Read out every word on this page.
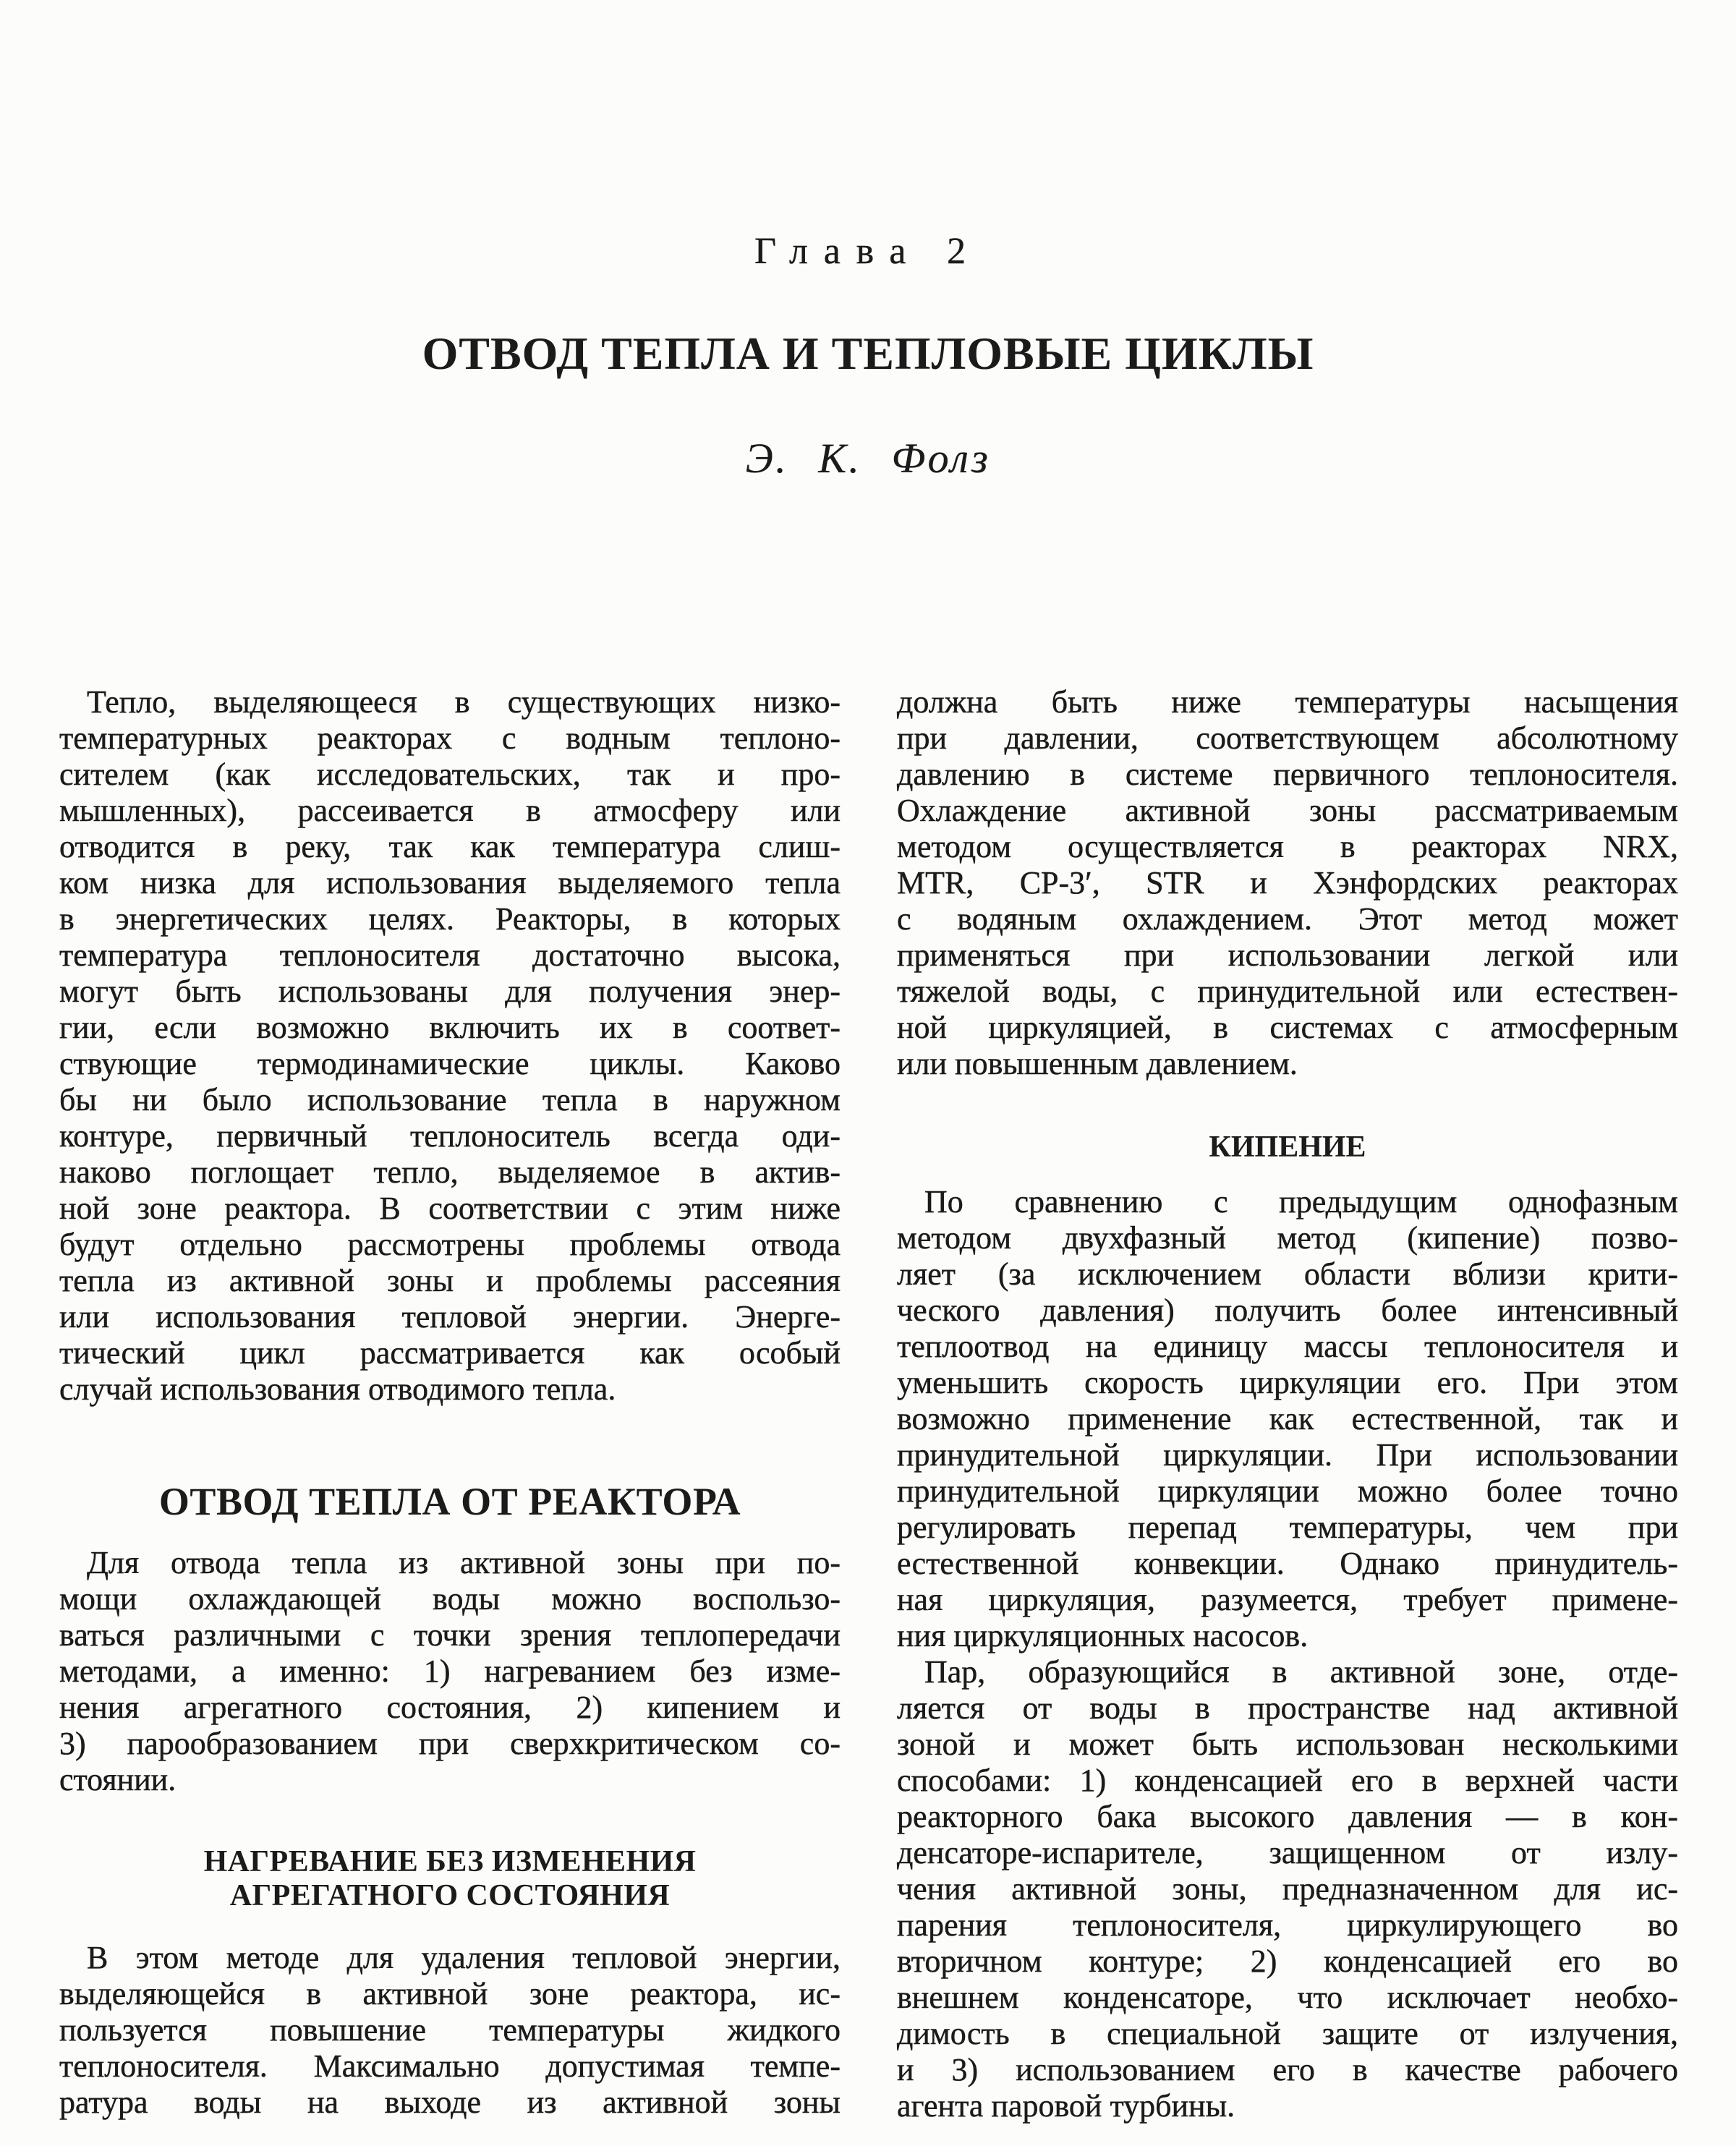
Глава 2
ОТВОД ТЕПЛА И ТЕПЛОВЫЕ ЦИКЛЫ
Э. К. Фолз
Тепло, выделяющееся в существующих низко-
температурных реакторах с водным теплоно-
сителем (как исследовательских, так и про-
мышленных), рассеивается в атмосферу или
отводится в реку, так как температура слиш-
ком низка для использования выделяемого тепла
в энергетических целях. Реакторы, в которых
температура теплоносителя достаточно высока,
могут быть использованы для получения энер-
гии, если возможно включить их в соответ-
ствующие термодинамические циклы. Каково
бы ни было использование тепла в наружном
контуре, первичный теплоноситель всегда оди-
наково поглощает тепло, выделяемое в актив-
ной зоне реактора. В соответствии с этим ниже
будут отдельно рассмотрены проблемы отвода
тепла из активной зоны и проблемы рассеяния
или использования тепловой энергии. Энерге-
тический цикл рассматривается как особый
случай использования отводимого тепла.
ОТВОД ТЕПЛА ОТ РЕАКТОРА
Для отвода тепла из активной зоны при по-
мощи охлаждающей воды можно воспользо-
ваться различными с точки зрения теплопередачи
методами, а именно: 1) нагреванием без изме-
нения агрегатного состояния, 2) кипением и
3) парообразованием при сверхкритическом со-
стоянии.
НАГРЕВАНИЕ БЕЗ ИЗМЕНЕНИЯ
АГРЕГАТНОГО СОСТОЯНИЯ
В этом методе для удаления тепловой энергии,
выделяющейся в активной зоне реактора, ис-
пользуется повышение температуры жидкого
теплоносителя. Максимально допустимая темпе-
ратура воды на выходе из активной зоны
должна быть ниже температуры насыщения
при давлении, соответствующем абсолютному
давлению в системе первичного теплоносителя.
Охлаждение активной зоны рассматриваемым
методом осуществляется в реакторах NRX,
MTR, CP-3′, STR и Хэнфордских реакторах
с водяным охлаждением. Этот метод может
применяться при использовании легкой или
тяжелой воды, с принудительной или естествен-
ной циркуляцией, в системах с атмосферным
или повышенным давлением.
КИПЕНИЕ
По сравнению с предыдущим однофазным
методом двухфазный метод (кипение) позво-
ляет (за исключением области вблизи крити-
ческого давления) получить более интенсивный
теплоотвод на единицу массы теплоносителя и
уменьшить скорость циркуляции его. При этом
возможно применение как естественной, так и
принудительной циркуляции. При использовании
принудительной циркуляции можно более точно
регулировать перепад температуры, чем при
естественной конвекции. Однако принудитель-
ная циркуляция, разумеется, требует примене-
ния циркуляционных насосов.
Пар, образующийся в активной зоне, отде-
ляется от воды в пространстве над активной
зоной и может быть использован несколькими
способами: 1) конденсацией его в верхней части
реакторного бака высокого давления — в кон-
денсаторе-испарителе, защищенном от излу-
чения активной зоны, предназначенном для ис-
парения теплоносителя, циркулирующего во
вторичном контуре; 2) конденсацией его во
внешнем конденсаторе, что исключает необхо-
димость в специальной защите от излучения,
и 3) использованием его в качестве рабочего
агента паровой турбины.
